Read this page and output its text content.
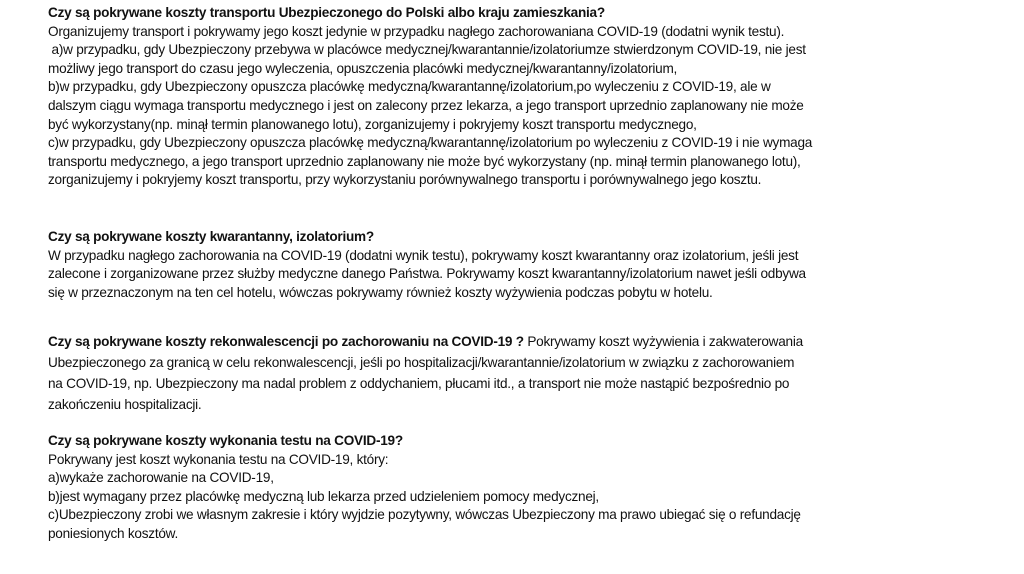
Czy są pokrywane koszty transportu Ubezpieczonego do Polski albo kraju zamieszkania?
Organizujemy transport i pokrywamy jego koszt jedynie w przypadku nagłego zachorowaniana COVID-19 (dodatni wynik testu).
a)w przypadku, gdy Ubezpieczony przebywa w placówce medycznej/kwarantannie/izolatoriumze stwierdzonym COVID-19, nie jest
możliwy jego transport do czasu jego wyleczenia, opuszczenia placówki medycznej/kwarantanny/izolatorium,
b)w przypadku, gdy Ubezpieczony opuszcza placówkę medyczną/kwarantannę/izolatorium,po wyleczeniu z COVID-19, ale w
dalszym ciągu wymaga transportu medycznego i jest on zalecony przez lekarza, a jego transport uprzednio zaplanowany nie może
być wykorzystany(np. minął termin planowanego lotu), zorganizujemy i pokryjemy koszt transportu medycznego,
c)w przypadku, gdy Ubezpieczony opuszcza placówkę medyczną/kwarantannę/izolatorium po wyleczeniu z COVID-19 i nie wymaga
transportu medycznego, a jego transport uprzednio zaplanowany nie może być wykorzystany (np. minął termin planowanego lotu),
zorganizujemy i pokryjemy koszt transportu, przy wykorzystaniu porównywalnego transportu i porównywalnego jego kosztu.
Czy są pokrywane koszty kwarantanny, izolatorium?
W przypadku nagłego zachorowania na COVID-19 (dodatni wynik testu), pokrywamy koszt kwarantanny oraz izolatorium, jeśli jest
zalecone i zorganizowane przez służby medyczne danego Państwa. Pokrywamy koszt kwarantanny/izolatorium nawet jeśli odbywa
się w przeznaczonym na ten cel hotelu, wówczas pokrywamy również koszty wyżywienia podczas pobytu w hotelu.
Czy są pokrywane koszty rekonwalescencji po zachorowaniu na COVID-19 ? Pokrywamy koszt wyżywienia i zakwaterowania
Ubezpieczonego za granicą w celu rekonwalescencji, jeśli po hospitalizacji/kwarantannie/izolatorium w związku z zachorowaniem
na COVID-19, np. Ubezpieczony ma nadal problem z oddychaniem, płucami itd., a transport nie może nastąpić bezpośrednio po
zakończeniu hospitalizacji.
Czy są pokrywane koszty wykonania testu na COVID-19?
Pokrywany jest koszt wykonania testu na COVID-19, który:
a)wykaże zachorowanie na COVID-19,
b)jest wymagany przez placówkę medyczną lub lekarza przed udzieleniem pomocy medycznej,
c)Ubezpieczony zrobi we własnym zakresie i który wyjdzie pozytywny, wówczas Ubezpieczony ma prawo ubiegać się o refundację
poniesionych kosztów.
